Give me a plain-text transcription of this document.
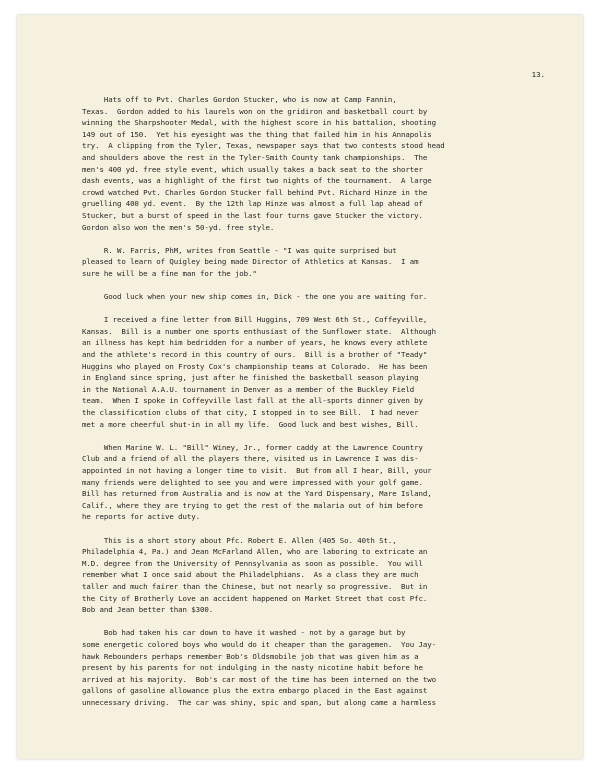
13.
Hats off to Pvt. Charles Gordon Stucker, who is now at Camp Fannin,
Texas.  Gordon added to his laurels won on the gridiron and basketball court by
winning the Sharpshooter Medal, with the highest score in his battalion, shooting
149 out of 150.  Yet his eyesight was the thing that failed him in his Annapolis
try.  A clipping from the Tyler, Texas, newspaper says that two contests stood head
and shoulders above the rest in the Tyler-Smith County tank championships.  The
men's 400 yd. free style event, which usually takes a back seat to the shorter
dash events, was a highlight of the first two nights of the tournament.  A large
crowd watched Pvt. Charles Gordon Stucker fall behind Pvt. Richard Hinze in the
gruelling 400 yd. event.  By the 12th lap Hinze was almost a full lap ahead of
Stucker, but a burst of speed in the last four turns gave Stucker the victory.
Gordon also won the men's 50-yd. free style.
R. W. Farris, PhM, writes from Seattle - "I was quite surprised but
pleased to learn of Quigley being made Director of Athletics at Kansas.  I am
sure he will be a fine man for the job."
Good luck when your new ship comes in, Dick - the one you are waiting for.
I received a fine letter from Bill Huggins, 709 West 6th St., Coffeyville,
Kansas.  Bill is a number one sports enthusiast of the Sunflower state.  Although
an illness has kept him bedridden for a number of years, he knows every athlete
and the athlete's record in this country of ours.  Bill is a brother of "Teady"
Huggins who played on Frosty Cox's championship teams at Colorado.  He has been
in England since spring, just after he finished the basketball season playing
in the National A.A.U. tournament in Denver as a member of the Buckley Field
team.  When I spoke in Coffeyville last fall at the all-sports dinner given by
the classification clubs of that city, I stopped in to see Bill.  I had never
met a more cheerful shut-in in all my life.  Good luck and best wishes, Bill.
When Marine W. L. "Bill" Winey, Jr., former caddy at the Lawrence Country
Club and a friend of all the players there, visited us in Lawrence I was dis-
appointed in not having a longer time to visit.  But from all I hear, Bill, your
many friends were delighted to see you and were impressed with your golf game.
Bill has returned from Australia and is now at the Yard Dispensary, Mare Island,
Calif., where they are trying to get the rest of the malaria out of him before
he reports for active duty.
This is a short story about Pfc. Robert E. Allen (405 So. 40th St.,
Philadelphia 4, Pa.) and Jean McFarland Allen, who are laboring to extricate an
M.D. degree from the University of Pennsylvania as soon as possible.  You will
remember what I once said about the Philadelphians.  As a class they are much
taller and much fairer than the Chinese, but not nearly so progressive.  But in
the City of Brotherly Love an accident happened on Market Street that cost Pfc.
Bob and Jean better than $300.
Bob had taken his car down to have it washed - not by a garage but by
some energetic colored boys who would do it cheaper than the garagemen.  You Jay-
hawk Rebounders perhaps remember Bob's Oldsmobile job that was given him as a
present by his parents for not indulging in the nasty nicotine habit before he
arrived at his majority.  Bob's car most of the time has been interned on the two
gallons of gasoline allowance plus the extra embargo placed in the East against
unnecessary driving.  The car was shiny, spic and span, but along came a harmless
